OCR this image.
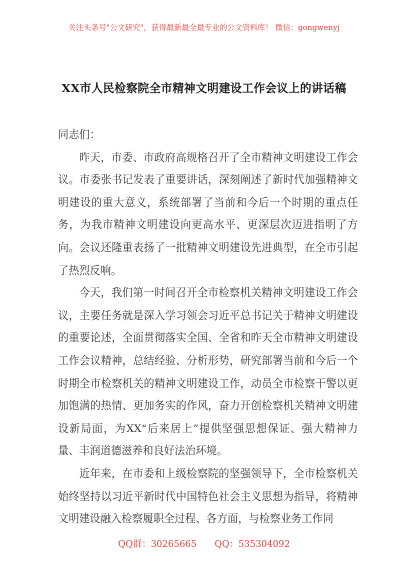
关注头条号"公文研究"，获得最新最全最专业的公文资料库！ 微信：gongwenyj
XX市人民检察院全市精神文明建设工作会议上的讲话稿

同志们：

昨天，市委、市政府高规格召开了全市精神文明建设工作会议。市委张书记发表了重要讲话，深刻阐述了新时代加强精神文明建设的重大意义，系统部署了当前和今后一个时期的重点任务，为我市精神文明建设向更高水平、更深层次迈进指明了方向。会议还隆重表扬了一批精神文明建设先进典型，在全市引起了热烈反响。

今天，我们第一时间召开全市检察机关精神文明建设工作会议，主要任务就是深入学习领会习近平总书记关于精神文明建设的重要论述，全面贯彻落实全国、全省和昨天全市精神文明建设工作会议精神，总结经验、分析形势，研究部署当前和今后一个时期全市检察机关的精神文明建设工作，动员全市检察干警以更加饱满的热情、更加务实的作风，奋力开创检察机关精神文明建设新局面，为XX“后来居上”提供坚强思想保证、强大精神力量、丰润道德滋养和良好法治环境。

近年来，在市委和上级检察院的坚强领导下，全市检察机关始终坚持以习近平新时代中国特色社会主义思想为指导，将精神文明建设融入检察履职全过程、各方面，与检察业务工作同

QQ群：30265665 QQ：535304092
